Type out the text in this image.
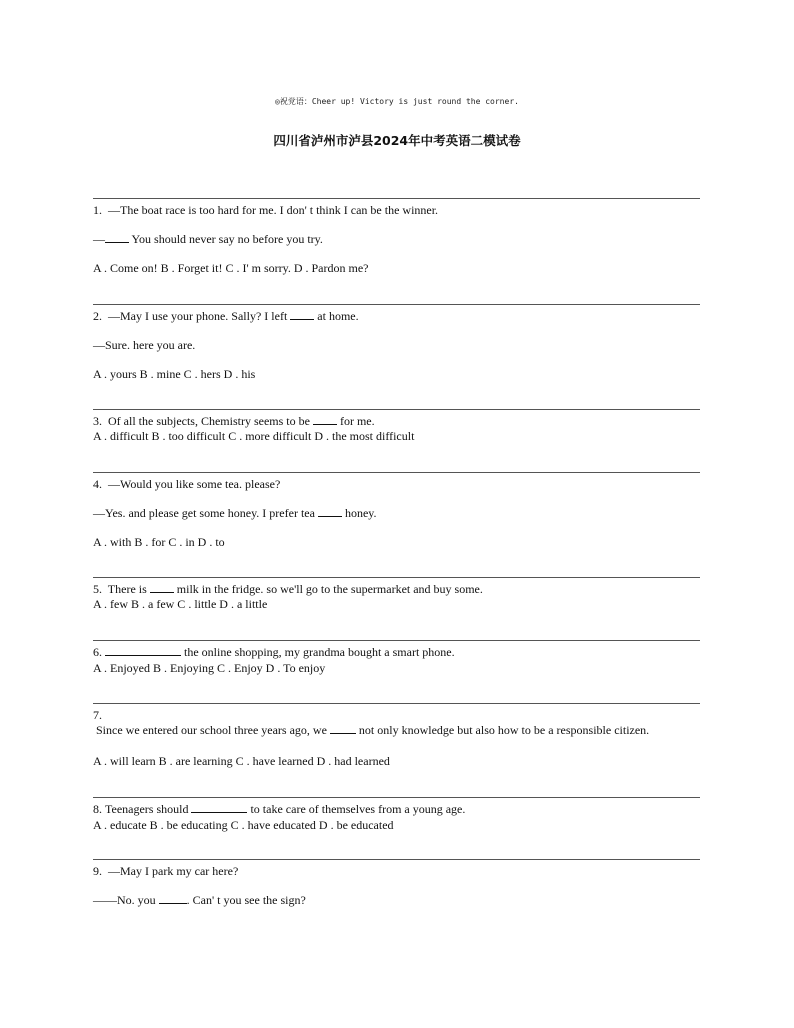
◎祝党语：Cheer up! Victory is just round the corner.
四川省泸州市泸县2024年中考英语二模试卷
1. —The boat race is too hard for me. I don' t think I can be the winner.
— You should never say no before you try.
A . Come on! B . Forget it! C . I' m sorry. D . Pardon me?
2. —May I use your phone. Sally? I left  at home.
—Sure. here you are.
A . yours B . mine C . hers D . his
3. Of all the subjects, Chemistry seems to be  for me.
A . difficult B . too difficult C . more difficult D . the most difficult
4. —Would you like some tea. please?
—Yes. and please get some honey. I prefer tea  honey.
A . with B . for C . in D . to
5. There is  milk in the fridge. so we'll go to the supermarket and buy some.
A . few B . a few C . little D . a little
6.	the online shopping, my grandma bought a smart phone.
A . Enjoyed B . Enjoying C . Enjoy D . To enjoy
7.
Since we entered our school three years ago, we  not only knowledge but also how to be a responsible citizen.
A . will learn B . are learning C . have learned D . had learned
8. Teenagers should	to take care of themselves from a young age.
A . educate B . be educating C . have educated D . be educated
9. —May I park my car here?
——No. you . Can' t you see the sign?
